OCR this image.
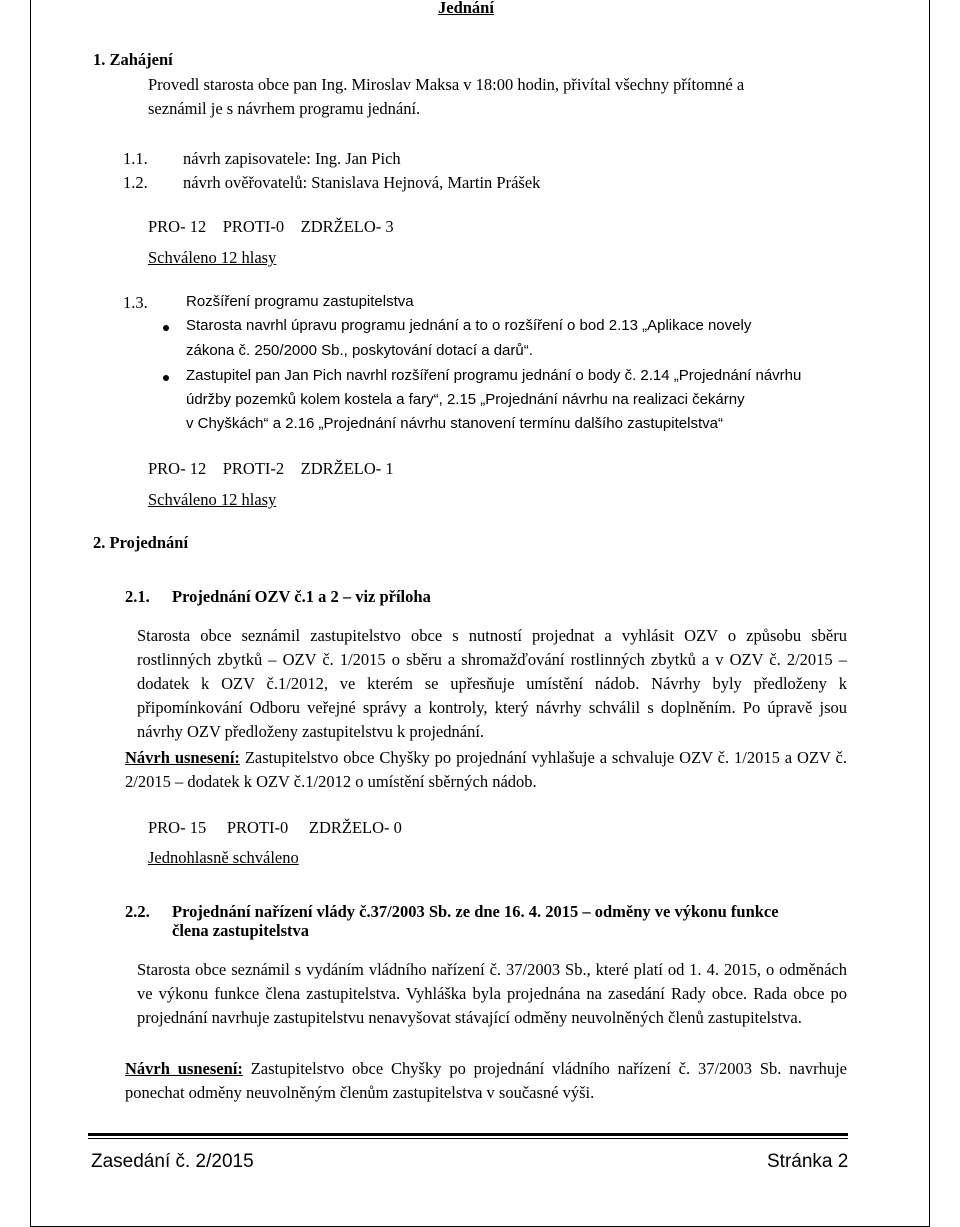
Jednání
1. Zahájení
Provedl starosta obce pan Ing. Miroslav Maksa v 18:00 hodin, přivítal všechny přítomné a
seznámil je s návrhem programu jednání.
1.1. návrh zapisovatele: Ing. Jan Pich
1.2. návrh ověřovatelů: Stanislava Hejnová, Martin Prášek
PRO- 12    PROTI-0    ZDRŽELO- 3
Schváleno 12 hlasy
1.3.	Rozšíření programu zastupitelstva
Starosta navrhl úpravu programu jednání a to o rozšíření o bod 2.13 „Aplikace novely
zákona č. 250/2000 Sb., poskytování dotací a darů“.
Zastupitel pan Jan Pich navrhl rozšíření programu jednání o body č. 2.14 „Projednání návrhu
údržby pozemků kolem kostela a fary“, 2.15 „Projednání návrhu na realizaci čekárny
v Chyškách“ a 2.16 „Projednání návrhu stanovení termínu dalšího zastupitelstva“
PRO- 12    PROTI-2    ZDRŽELO- 1
Schváleno 12 hlasy
2. Projednání
2.1. Projednání OZV č.1 a 2 – viz příloha
Starosta obce seznámil zastupitelstvo obce s nutností projednat a vyhlásit OZV o způsobu sběru rostlinných zbytků – OZV č. 1/2015 o sběru a shromažďování rostlinných zbytků a v OZV č. 2/2015 – dodatek k OZV č.1/2012, ve kterém se upřesňuje umístění nádob. Návrhy byly předloženy k připomínkování Odboru veřejné správy a kontroly, který návrhy schválil s doplněním. Po úpravě jsou návrhy OZV předloženy zastupitelstvu k projednání.
Návrh usnesení: Zastupitelstvo obce Chyšky po projednání vyhlašuje a schvaluje OZV č. 1/2015 a OZV č. 2/2015 – dodatek k OZV č.1/2012 o umístění sběrných nádob.
PRO- 15     PROTI-0     ZDRŽELO- 0
Jednohlasně schváleno
2.2. Projednání nařízení vlády č.37/2003 Sb. ze dne 16. 4. 2015 – odměny ve výkonu funkce
člena zastupitelstva
Starosta obce seznámil s vydáním vládního nařízení č. 37/2003 Sb., které platí od 1. 4. 2015, o odměnách ve výkonu funkce člena zastupitelstva. Vyhláška byla projednána na zasedání Rady obce. Rada obce po projednání navrhuje zastupitelstvu nenavyšovat stávající odměny neuvolněných členů zastupitelstva.
Návrh usnesení: Zastupitelstvo obce Chyšky po projednání vládního nařízení č. 37/2003 Sb. navrhuje ponechat odměny neuvolněným členům zastupitelstva v současné výši.
Zasedání č. 2/2015	Stránka 2
